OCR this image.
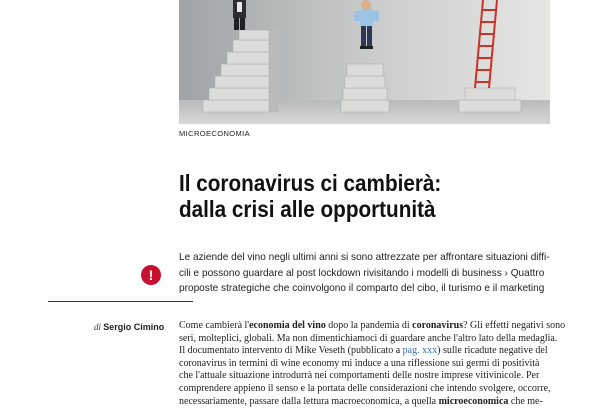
MICROECONOMIA
Il coronavirus ci cambierà:
dalla crisi alle opportunità
!
Le aziende del vino negli ultimi anni si sono attrezzate per affrontare situazioni diffi-
cili e possono guardare al post lockdown rivisitando i modelli di business › Quattro
proposte strategiche che coinvolgono il comparto del cibo, il turismo e il marketing
di Sergio Cimino Come cambierà l'economia del vino dopo la pandemia di coronavirus? Gli effetti negativi sono
seri, molteplici, globali. Ma non dimentichiamoci di guardare anche l'altro lato della medaglia.
Il documentato intervento di Mike Veseth (pubblicato a pag. xxx) sulle ricadute negative del
coronavirus in termini di wine economy mi induce a una riflessione sui germi di positività
che l'attuale situazione introdurrà nei comportamenti delle nostre imprese vitivinicole. Per
comprendere appieno il senso e la portata delle considerazioni che intendo svolgere, occorre,
necessariamente, passare dalla lettura macroeconomica, a quella microeconomica che me-
